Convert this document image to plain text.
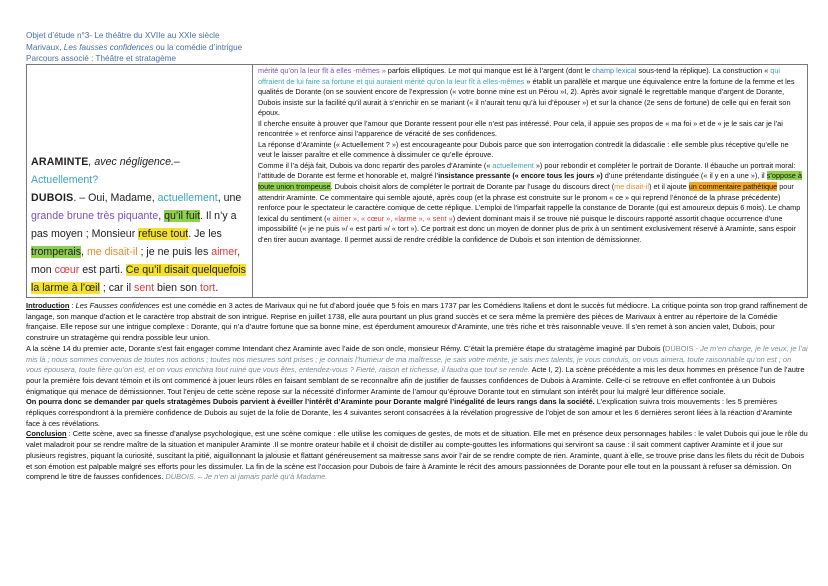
Objet d’étude n°3- Le théâtre du XVIIe au XXIe siècle
Marivaux, Les fausses confidences ou la comédie d’intrigue
Parcours associé : Théâtre et stratagème

ARAMINTE, avec négligence.–

Actuellement?

DUBOIS. – Oui, Madame, actuellement, une grande brune très piquante, qu’il fuit. Il n’y a pas moyen ; Monsieur refuse tout. Je les tromperais, me disait-il ; je ne puis les aimer, mon cœur est parti. Ce qu’il disait quelquefois la larme à l’œil ; car il sent bien son tort.

mérité qu’on la leur fît à elles -mêmes » parfois elliptiques. Le mot qui manque est lié à l’argent (dont le champ lexical sous-tend la réplique). La construction « qui offraient de lui faire sa fortune et qui auraient mérité qu’on la leur fît à elles-mêmes » établit un parallèle et marque une équivalence entre la fortune de la femme et les qualités de Dorante (on se souvient encore de l’expression (« votre bonne mine est un Pérou »I, 2). Après avoir signalé le regrettable manque d’argent de Dorante, Dubois insiste sur la facilité qu’il aurait à s’enrichir en se mariant (« il n’aurait tenu qu’à lui d’épouser ») et sur la chance (2e sens de fortune) de celle qui en ferait son époux.

Il cherche ensuite à prouver que l’amour que Dorante ressent pour elle n’est pas intéressé. Pour cela, il appuie ses propos de « ma foi » et de « je le sais car je l’ai rencontrée » et renforce ainsi l’apparence de véracité de ses confidences.

La réponse d’Araminte (« Actuellement ? ») est encourageante pour Dubois parce que son interrogation contredit la didascalie : elle semble plus réceptive qu’elle ne veut le laisser paraître et elle commence à dissimuler ce qu’elle éprouve.

Comme il l’a déjà fait, Dubois va donc repartir des paroles d’Araminte (« actuellement ») pour rebondir et compléter le portrait de Dorante. Il ébauche un portrait moral: l’attitude de Dorante est ferme et honorable et, malgré l’insistance pressante (« encore tous les jours ») d’une prétendante distinguée (« il y en a une »), il s’oppose à toute union trompeuse. Dubois choisit alors de compléter le portrait de Dorante par l’usage du discours direct (me disait-il) et il ajoute un commentaire pathétique pour attendrir Araminte. Ce commentaire qui semble ajouté, après coup (et la phrase est construite sur le pronom « ce » qui reprend l’énoncé de la phrase précédente) renforce pour le spectateur le caractère comique de cette réplique. L’emploi de l’imparfait rappelle la constance de Dorante (qui est amoureux depuis 6 mois). Le champ lexical du sentiment (« aimer », « cœur », «larme », « sent ») devient dominant mais il se trouve nié puisque le discours rapporté assortit chaque occurrence d’une impossibilité (« je ne puis »/ « est parti »/ « tort »). Ce portrait est donc un moyen de donner plus de prix à un sentiment exclusivement réservé à Araminte, sans espoir d’en tirer aucun avantage. Il permet aussi de rendre crédible la confidence de Dubois et son intention de démissionner.

Introduction : Les Fausses confidences est une comédie en 3 actes de Marivaux qui ne fut d’abord jouée que 5 fois en mars 1737 par les Comédiens Italiens et dont le succès fut médiocre. La critique pointa son trop grand raffinement de langage, son manque d’action et le caractère trop abstrait de son intrigue. Reprise en juillet 1738, elle aura pourtant un plus grand succès et ce sera même la première des pièces de Marivaux à entrer au répertoire de la Comédie française. Elle repose sur une intrigue complexe : Dorante, qui n’a d’autre fortune que sa bonne mine, est éperdument amoureux d’Araminte, une très riche et très raisonnable veuve. Il s’en remet à son ancien valet, Dubois, pour construire un stratagème qui rendra possible leur union.

A la scène 14 du premier acte, Dorante s’est fait engager comme Intendant chez Araminte avec l’aide de son oncle, monsieur Rémy. C’était la première étape du stratagème imaginé par Dubois (DUBOIS - Je m’en charge, je le veux, je l’ai mis là ; nous sommes convenus de toutes nos actions ; toutes nos mesures sont prises ; je connais l’humeur de ma maîtresse, je sais votre mérite, je sais mes talents, je vous conduis, on vous aimera, toute raisonnable qu’on est ; on vous épousera, toute fière qu’on est, et on vous enrichira tout ruiné que vous êtes, entendez-vous ? Fierté, raison et richesse, il faudra que tout se rende. Acte I, 2). La scène précédente a mis les deux hommes en présence l’un de l’autre pour la première fois devant témoin et ils ont commencé à jouer leurs rôles en faisant semblant de se reconnaître afin de justifier de fausses confidences de Dubois à Araminte. Celle-ci se retrouve en effet confrontée à un Dubois énigmatique qui menace de démissionner. Tout l’enjeu de cette scène repose sur la nécessité d’informer Araminte de l’amour qu’éprouve Dorante tout en stimulant son intérêt pour lui malgré leur différence sociale.

On pourra donc se demander par quels stratagèmes Dubois parvient à éveiller l’intérêt d’Araminte pour Dorante malgré l’inégalité de leurs rangs dans la société. L’explication suivra trois mouvements : les 5 premières répliques correspondront à la première confidence de Dubois au sujet de la folie de Dorante, les 4 suivantes seront consacrées à la révélation progressive de l’objet de son amour et les 6 dernières seront liées à la réaction d’Araminte face à ces révélations.

Conclusion : Cette scène, avec sa finesse d’analyse psychologique, est une scène comique : elle utilise les comiques de gestes, de mots et de situation. Elle met en présence deux personnages habiles : le valet Dubois qui joue le rôle du valet maladroit pour se rendre maître de la situation et manipuler Araminte .Il se montre orateur habile et il choisit de distiller au compte-gouttes les informations qui serviront sa cause : il sait comment captiver Araminte et il joue sur plusieurs registres, piquant la curiosité, suscitant la pitié, aiguillonnant la jalousie et flattant généreusement sa maitresse sans avoir l’air de se rendre compte de rien. Araminte, quant à elle, se trouve prise dans les filets du récit de Dubois et son émotion est palpable malgré ses efforts pour les dissimuler. La fin de la scène est l’occasion pour Dubois de faire à Araminte le récit des amours passionnées de Dorante pour elle tout en la poussant à refuser sa démission. On comprend le titre de fausses confidences. DUBOIS. – Je n’en ai jamais parlé qu’à Madame.
